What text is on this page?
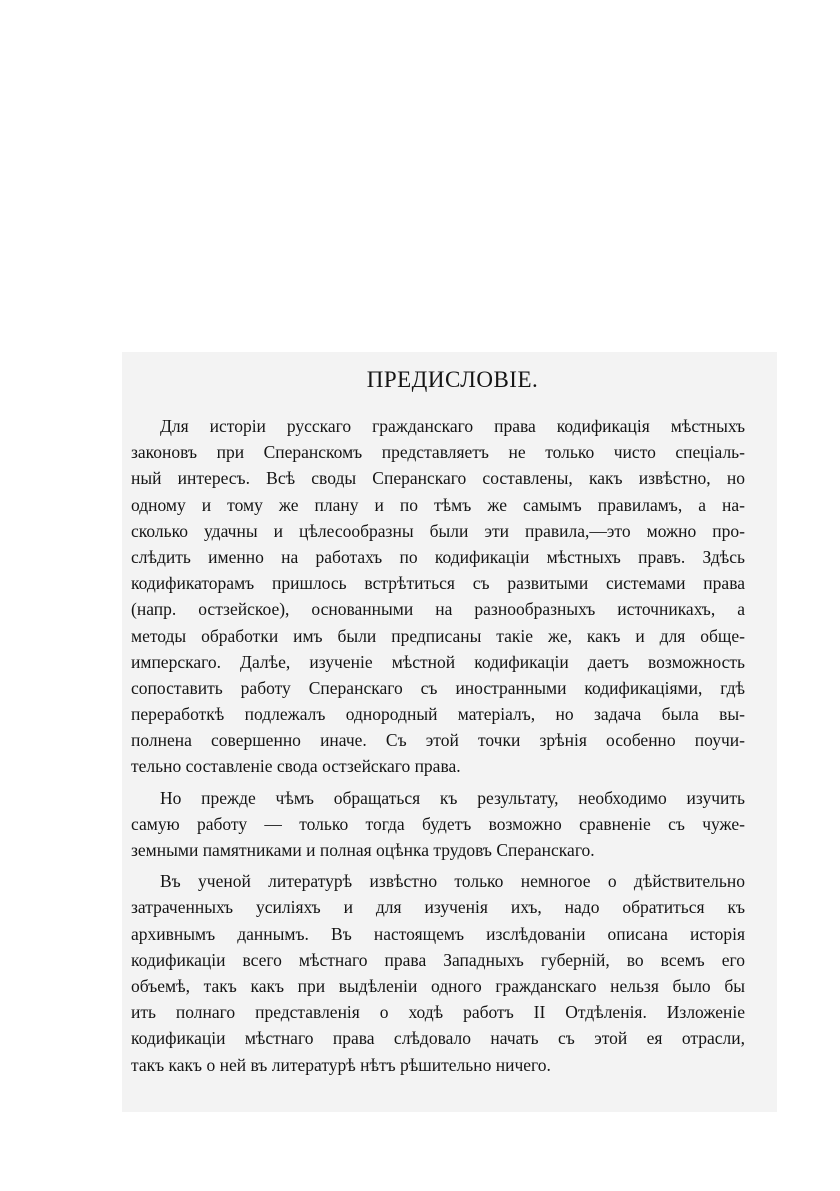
ПРЕДИСЛОВІЕ.
Для исторіи русскаго гражданскаго права кодификація мѣстныхъ
законовъ при Сперанскомъ представляетъ не только чисто спеціаль-
ный интересъ. Всѣ своды Сперанскаго составлены, какъ извѣстно, но
одному и тому же плану и по тѣмъ же самымъ правиламъ, а на-
сколько удачны и цѣлесообразны были эти правила,—это можно про-
слѣдить именно на работахъ по кодификаціи мѣстныхъ правъ. Здѣсь
кодификаторамъ пришлось встрѣтиться съ развитыми системами права
(напр. остзейское), основанными на разнообразныхъ источникахъ, а
методы обработки имъ были предписаны такіе же, какъ и для обще-
имперскаго. Далѣе, изученіе мѣстной кодификаціи даетъ возможность
сопоставить работу Сперанскаго съ иностранными кодификаціями, гдѣ
переработкѣ подлежалъ однородный матеріалъ, но задача была вы-
полнена совершенно иначе. Съ этой точки зрѣнія особенно поучи-
тельно составленіе свода остзейскаго права.
Но прежде чѣмъ обращаться къ результату, необходимо изучить
самую работу — только тогда будетъ возможно сравненіе съ чуже-
земными памятниками и полная оцѣнка трудовъ Сперанскаго.
Въ ученой литературѣ извѣстно только немногое о дѣйствительно
затраченныхъ усиліяхъ и для изученія ихъ, надо обратиться къ
архивнымъ даннымъ. Въ настоящемъ изслѣдованіи описана исторія
кодификаціи всего мѣстнаго права Западныхъ губерній, во всемъ его
объемѣ, такъ какъ при выдѣленіи одного гражданскаго нельзя было бы
ить полнаго представленія о ходѣ работъ II Отдѣленія. Изложеніе
кодификаціи мѣстнаго права слѣдовало начать съ этой ея отрасли,
такъ какъ о ней въ литературѣ нѣтъ рѣшительно ничего.
